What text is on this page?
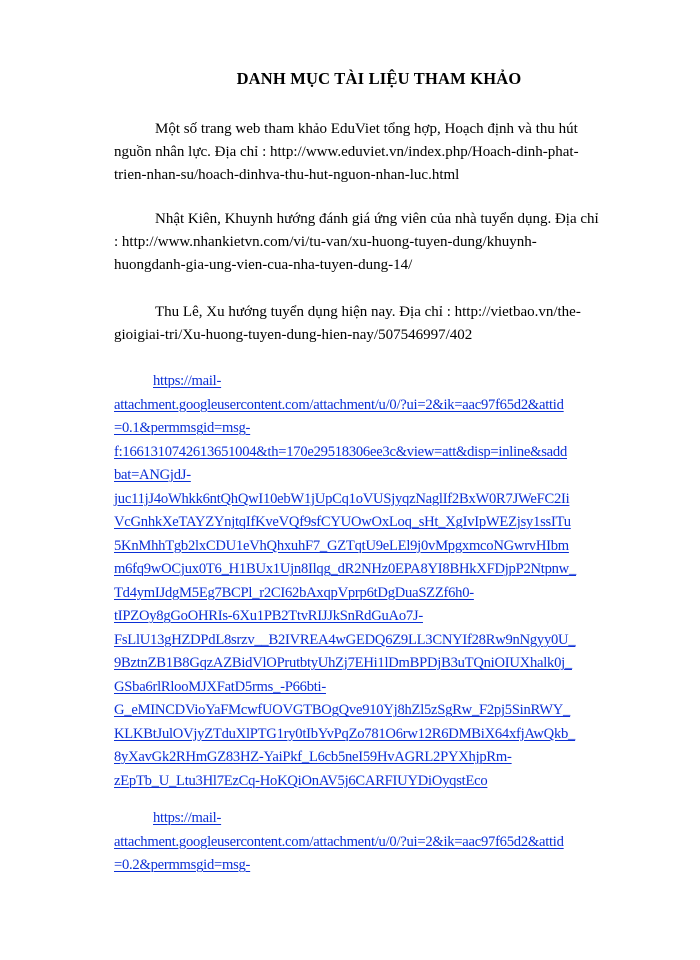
DANH MỤC TÀI LIỆU THAM KHẢO
Một số trang web tham khảo EduViet tổng hợp, Hoạch định và thu hút
nguồn nhân lực. Địa chỉ : http://www.eduviet.vn/index.php/Hoach-dinh-phat-
trien-nhan-su/hoach-dinhva-thu-hut-nguon-nhan-luc.html
Nhật Kiên, Khuynh hướng đánh giá ứng viên của nhà tuyển dụng. Địa chỉ
: http://www.nhankietvn.com/vi/tu-van/xu-huong-tuyen-dung/khuynh-
huongdanh-gia-ung-vien-cua-nha-tuyen-dung-14/
Thu Lê, Xu hướng tuyển dụng hiện nay. Địa chỉ : http://vietbao.vn/the-
gioigiai-tri/Xu-huong-tuyen-dung-hien-nay/507546997/402
https://mail-
attachment.googleusercontent.com/attachment/u/0/?ui=2&ik=aac97f65d2&attid
=0.1&permmsgid=msg-
f:1661310742613651004&th=170e29518306ee3c&view=att&disp=inline&sadd
bat=ANGjdJ-
juc11jJ4oWhkk6ntQhQwI10ebW1jUpCq1oVUSjyqzNaglIf2BxW0R7JWeFC2Ii
VcGnhkXeTAYZYnjtqIfKveVQf9sfCYUOwOxLoq_sHt_XgIvIpWEZjsy1ssITu
5KnMhhTgb2lxCDU1eVhQhxuhF7_GZTqtU9eLEl9j0vMpgxmcoNGwrvHIbm
m6fq9wOCjux0T6_H1BUx1Ujn8Ilqg_dR2NHz0EPA8YI8BHkXFDjpP2Ntpnw_
Td4ymIJdgM5Eg7BCPl_r2CI62bAxqpVprp6tDgDuaSZZf6h0-
tIPZOy8gGoOHRIs-6Xu1PB2TtvRIJJkSnRdGuAo7J-
FsLlU13gHZDPdL8srzv__B2IVREA4wGEDQ6Z9LL3CNYIf28Rw9nNgyy0U_
9BztnZB1B8GqzAZBidVlOPrutbtyUhZj7EHi1lDmBPDjB3uTQniOIUXhalk0j_
GSba6rlRlooMJXFatD5rms_-P66bti-
G_eMINCDVioYaFMcwfUOVGTBOgQve910Yj8hZl5zSgRw_F2pj5SinRWY_
KLKBtJulOVjyZTduXlPTG1ry0tIbYvPqZo781O6rw12R6DMBiX64xfjAwQkb_
8yXavGk2RHmGZ83HZ-YaiPkf_L6cb5neI59HvAGRL2PYXhjpRm-
zEpTb_U_Ltu3Hl7EzCq-HoKQiOnAV5j6CARFIUYDiOyqstEco
https://mail-
attachment.googleusercontent.com/attachment/u/0/?ui=2&ik=aac97f65d2&attid
=0.2&permmsgid=msg-
